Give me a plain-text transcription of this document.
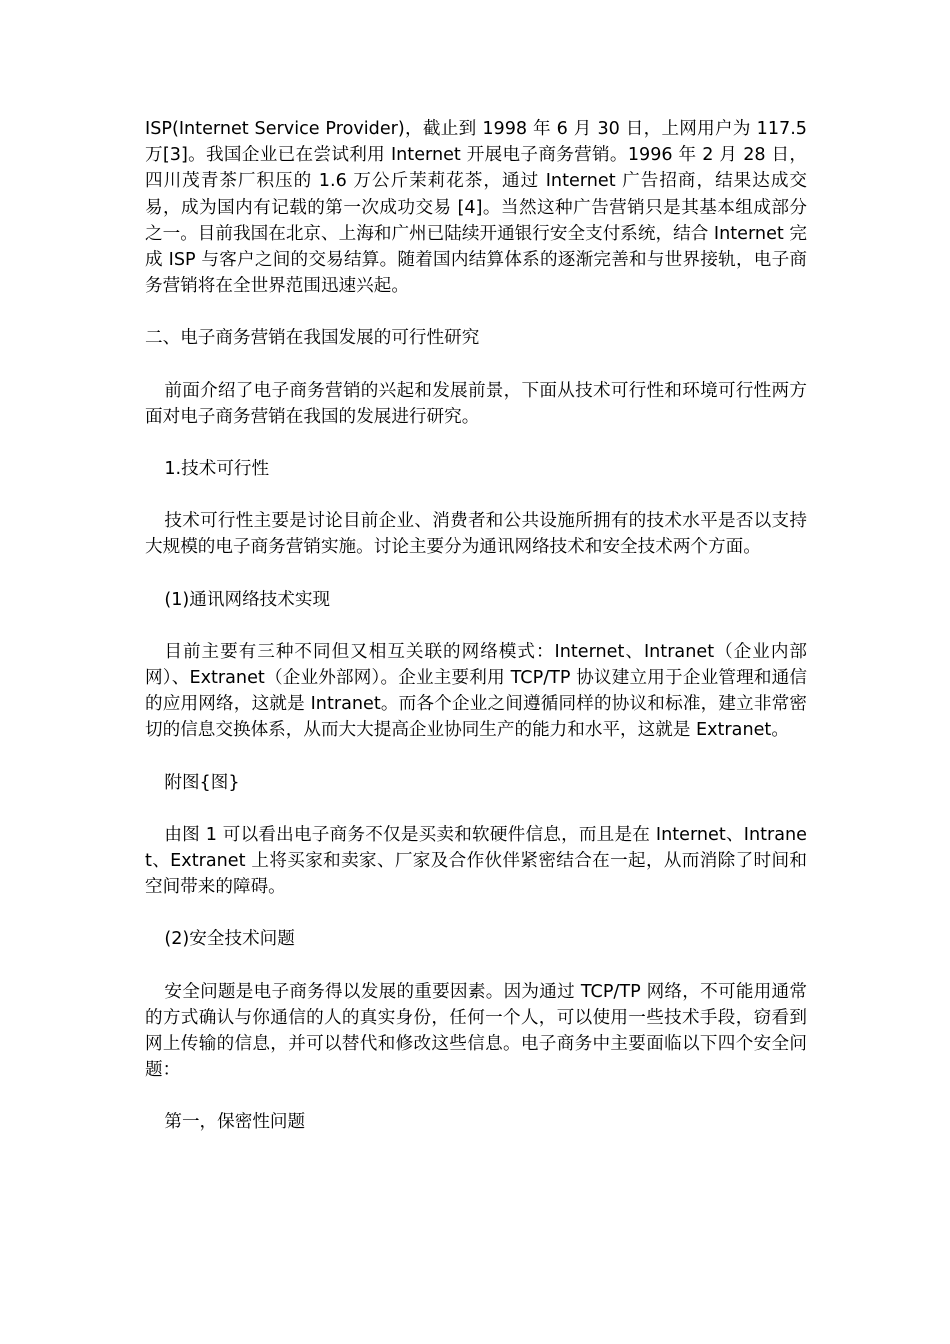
ISP(Internet Service Provider)，截止到 1998 年 6 月 30 日，上网用户为 117.5 万[3]。我国企业已在尝试利用 Internet 开展电子商务营销。1996 年 2 月 28 日，四川茂青茶厂积压的 1.6 万公斤茉莉花茶，通过 Internet 广告招商，结果达成交易，成为国内有记载的第一次成功交易 [4]。当然这种广告营销只是其基本组成部分之一。目前我国在北京、上海和广州已陆续开通银行安全支付系统，结合 Internet 完成 ISP 与客户之间的交易结算。随着国内结算体系的逐渐完善和与世界接轨，电子商务营销将在全世界范围迅速兴起。

二、电子商务营销在我国发展的可行性研究

前面介绍了电子商务营销的兴起和发展前景，下面从技术可行性和环境可行性两方面对电子商务营销在我国的发展进行研究。

1.技术可行性

技术可行性主要是讨论目前企业、消费者和公共设施所拥有的技术水平是否以支持大规模的电子商务营销实施。讨论主要分为通讯网络技术和安全技术两个方面。

(1)通讯网络技术实现

目前主要有三种不同但又相互关联的网络模式：Internet、Intranet（企业内部网）、Extranet（企业外部网）。企业主要利用 TCP/TP 协议建立用于企业管理和通信的应用网络，这就是 Intranet。而各个企业之间遵循同样的协议和标准，建立非常密切的信息交换体系，从而大大提高企业协同生产的能力和水平，这就是 Extranet。

附图{图}

由图 1 可以看出电子商务不仅是买卖和软硬件信息，而且是在 Internet、Intranet、Extranet 上将买家和卖家、厂家及合作伙伴紧密结合在一起，从而消除了时间和空间带来的障碍。

(2)安全技术问题

安全问题是电子商务得以发展的重要因素。因为通过 TCP/TP 网络，不可能用通常的方式确认与你通信的人的真实身份，任何一个人，可以使用一些技术手段，窃看到网上传输的信息，并可以替代和修改这些信息。电子商务中主要面临以下四个安全问题：

第一，保密性问题
